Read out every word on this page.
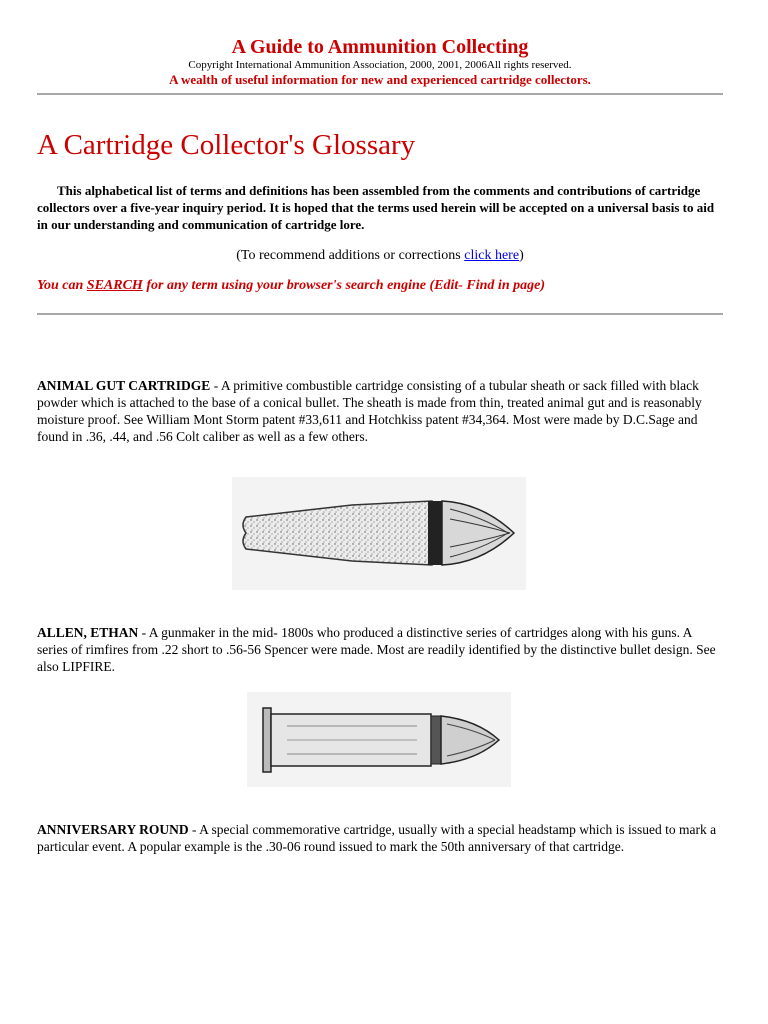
A Guide to Ammunition Collecting
Copyright International Ammunition Association, 2000, 2001, 2006All rights reserved.
A wealth of useful information for new and experienced cartridge collectors.
A Cartridge Collector's Glossary
This alphabetical list of terms and definitions has been assembled from the comments and contributions of cartridge collectors over a five-year inquiry period. It is hoped that the terms used herein will be accepted on a universal basis to aid in our understanding and communication of cartridge lore.
(To recommend additions or corrections click here)
You can SEARCH for any term using your browser's search engine (Edit- Find in page)
ANIMAL GUT CARTRIDGE - A primitive combustible cartridge consisting of a tubular sheath or sack filled with black powder which is attached to the base of a conical bullet. The sheath is made from thin, treated animal gut and is reasonably moisture proof. See William Mont Storm patent #33,611 and Hotchkiss patent #34,364. Most were made by D.C.Sage and found in .36, .44, and .56 Colt caliber as well as a few others.
ALLEN, ETHAN - A gunmaker in the mid- 1800s who produced a distinctive series of cartridges along with his guns. A series of rimfires from .22 short to .56-56 Spencer were made. Most are readily identified by the distinctive bullet design. See also LIPFIRE.
ANNIVERSARY ROUND - A special commemorative cartridge, usually with a special headstamp which is issued to mark a particular event. A popular example is the .30-06 round issued to mark the 50th anniversary of that cartridge.
